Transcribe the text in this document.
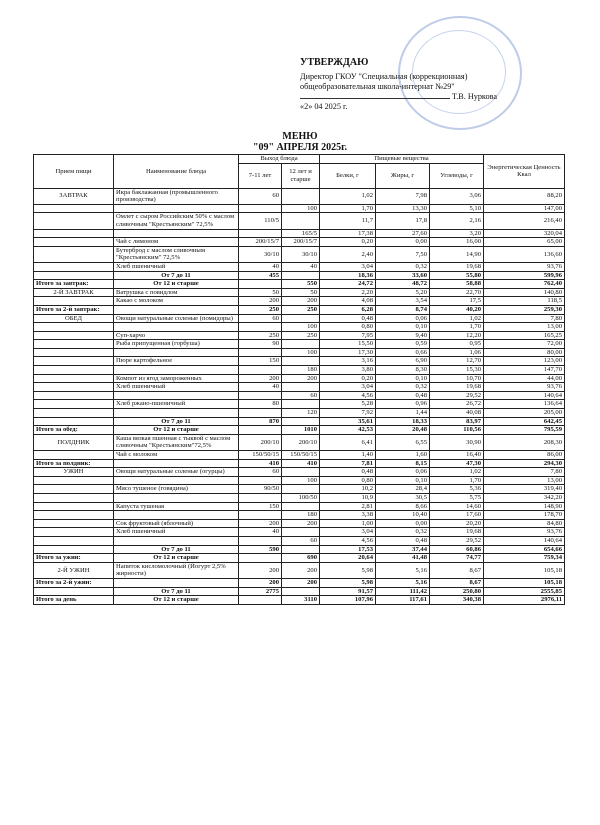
УТВЕРЖДАЮ
Директор ГКОУ "Специальная (коррекционная)
общеобразовательная школа-интернат №29"
Т.В. Нуркова
«2» 04 2025 г.
МЕНЮ
"09" АПРЕЛЯ 2025г.
Прием пищи	Наименование блюда	Выход блюда		Пищевые вещества			Энергетическая Ценность Ккал
		7-11 лет	12 лет и старше	Белки, г	Жиры, г	Углеводы, г	
ЗАВТРАК	Икра баклажанная (промышленного производства)	60		1,02	7,98	3,06	88,20
			100	1,70	13,30	5,10	147,00
	Омлет с сыром Российским 50% с маслом сливочным "Крестьянским" 72,5%	110/5		11,7	17,8	2,16	216,40
			165/5	17,38	27,60	3,20	320,04
	Чай с лимоном	200/15/7	200/15/7	0,20	0,00	16,00	65,00
	Бутерброд с маслом сливочным "Крестьянским" 72,5%	30/10	30/10	2,40	7,50	14,90	136,60
	Хлеб пшеничный	40	40	3,04	0,32	19,68	93,76
	От 7 до 11	455		18,36	33,60	55,80	599,96
Итого за завтрак:	От 12 и старше		550	24,72	48,72	58,88	762,40
2-Й ЗАВТРАК	Ватрушка с повидлом	50	50	2,20	5,20	22,70	140,80
	Какао с молоком	200	200	4,08	3,54	17,5	118,5
Итого за 2-й завтрак:		250	250	6,28	8,74	40,20	259,30
ОБЕД	Овощи натуральные соленые (помидоры)	60		0,48	0,06	1,02	7,80
			100	0,80	0,10	1,70	13,00
	Суп-харчо	250	250	7,95	9,40	12,20	165,25
	Рыба припущенная (горбуша)	90		15,50	0,59	0,95	72,00
			100	17,30	0,66	1,06	80,00
	Пюре картофельное	150		3,16	6,90	12,70	123,00
			180	3,80	8,30	15,30	147,70
	Компот из ягод замороженных	200	200	0,20	0,10	10,70	44,00
	Хлеб пшеничный	40		3,04	0,32	19,68	93,76
			60	4,56	0,48	29,52	140,64
	Хлеб ржано-пшеничный	80		5,28	0,96	26,72	136,64
			120	7,92	1,44	40,08	205,00
	От 7 до 11	870		35,61	18,33	83,97	642,45
Итого за обед:	От 12 и старше		1010	42,53	20,48	110,56	795,59
ПОЛДНИК	Каша вязкая пшенная с тыквой с маслом сливочным "Крестьянским"72,5%	200/10	200/10	6,41	6,55	30,90	208,30
	Чай с молоком	150/50/15	150/50/15	1,40	1,60	16,40	86,00
Итого за полдник:		410	410	7,81	8,15	47,30	294,30
УЖИН	Овощи натуральные соленые (огурцы)	60		0,48	0,06	1,02	7,80
			100	0,80	0,10	1,70	13,00
	Мясо тушеное (говядина)	90/50		10,2	28,4	5,36	319,40
			100/50	10,9	30,5	5,75	342,20
	Капуста тушеная	150		2,81	8,66	14,60	148,90
			180	3,38	10,40	17,60	178,70
	Сок фруктовый (яблочный)	200	200	1,00	0,00	20,20	84,80
	Хлеб пшеничный	40		3,04	0,32	19,68	93,76
			60	4,56	0,48	29,52	140,64
	От 7 до 11	590		17,53	37,44	60,86	654,66
Итого за ужин:	От 12 и старше		690	20,64	41,48	74,77	759,34
2-Й УЖИН	Напиток кисломолочный (Йогурт 2,5% жирности)	200	200	5,98	5,16	8,67	105,18
Итого за 2-й ужин:		200	200	5,98	5,16	8,67	105,18
	От 7 до 11	2775		91,57	111,42	250,80	2555,85
Итого за день	От 12 и старше		3110	107,96	117,61	340,38	2976,11
